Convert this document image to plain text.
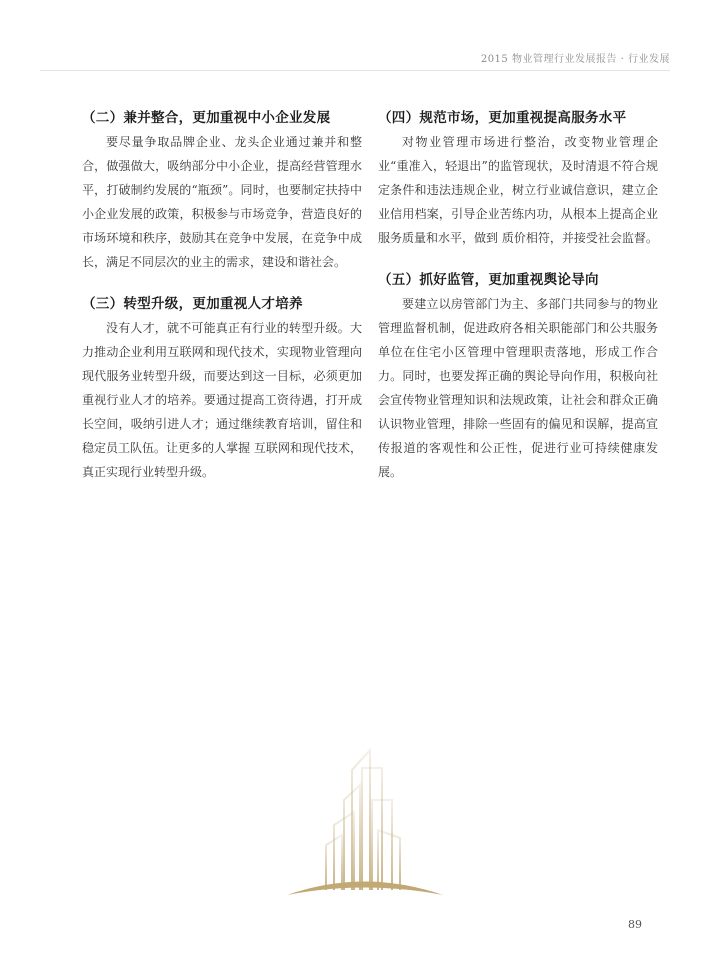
2015 物业管理行业发展报告 · 行业发展

（二）兼并整合，更加重视中小企业发展

要尽量争取品牌企业、龙头企业通过兼并和整合，做强做大，吸纳部分中小企业，提高经营管理水平，打破制约发展的“瓶颈”。同时，也要制定扶持中小企业发展的政策，积极参与市场竞争，营造良好的市场环境和秩序，鼓励其在竞争中发展，在竞争中成长，满足不同层次的业主的需求，建设和谐社会。

（三）转型升级，更加重视人才培养

没有人才，就不可能真正有行业的转型升级。大力推动企业利用互联网和现代技术，实现物业管理向现代服务业转型升级，而要达到这一目标，必须更加重视行业人才的培养。要通过提高工资待遇，打开成长空间，吸纳引进人才；通过继续教育培训，留住和稳定员工队伍。让更多的人掌握 互联网和现代技术，真正实现行业转型升级。

（四）规范市场，更加重视提高服务水平

对物业管理市场进行整治，改变物业管理企业“重准入，轻退出”的监管现状，及时清退不符合规定条件和违法违规企业，树立行业诚信意识，建立企业信用档案，引导企业苦练内功，从根本上提高企业服务质量和水平，做到 质价相符，并接受社会监督。

（五）抓好监管，更加重视舆论导向

要建立以房管部门为主、多部门共同参与的物业管理监督机制，促进政府各相关职能部门和公共服务单位在住宅小区管理中管理职责落地，形成工作合力。同时，也要发挥正确的舆论导向作用，积极向社会宣传物业管理知识和法规政策，让社会和群众正确认识物业管理，排除一些固有的偏见和误解，提高宣传报道的客观性和公正性，促进行业可持续健康发展。

89
